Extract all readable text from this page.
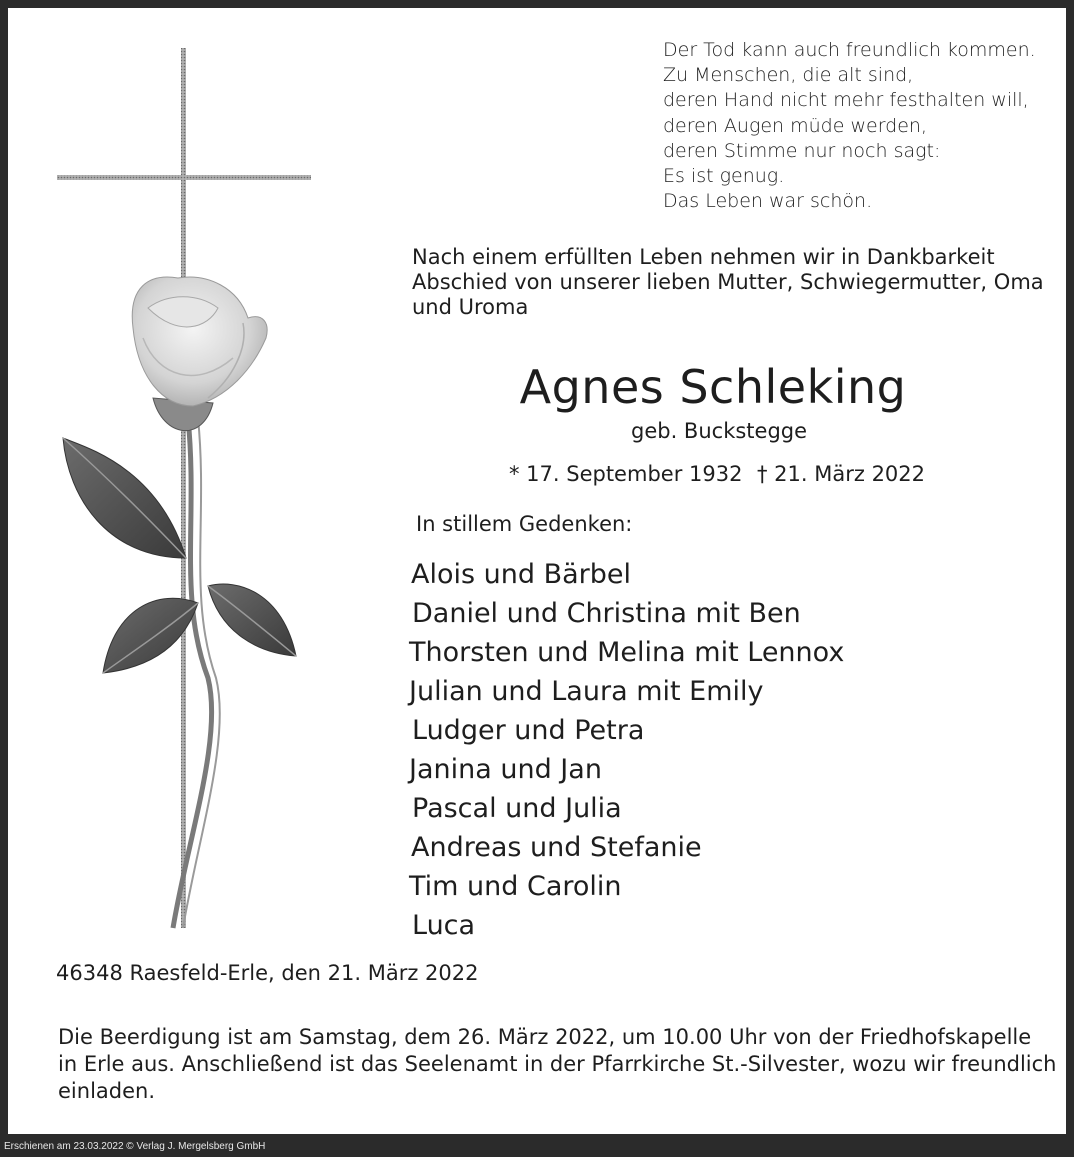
Der Tod kann auch freundlich kommen.
Zu Menschen, die alt sind,
deren Hand nicht mehr festhalten will,
deren Augen müde werden,
deren Stimme nur noch sagt:
Es ist genug.
Das Leben war schön.
Nach einem erfüllten Leben nehmen wir in Dankbarkeit
Abschied von unserer lieben Mutter, Schwiegermutter, Oma
und Uroma
Agnes Schleking
geb. Buckstegge
* 17. September 1932 † 21. März 2022
In stillem Gedenken:
Alois und Bärbel
Daniel und Christina mit Ben
Thorsten und Melina mit Lennox
Julian und Laura mit Emily
Ludger und Petra
Janina und Jan
Pascal und Julia
Andreas und Stefanie
Tim und Carolin
Luca
46348 Raesfeld-Erle, den 21. März 2022
Die Beerdigung ist am Samstag, dem 26. März 2022, um 10.00 Uhr von der Friedhofskapelle
in Erle aus. Anschließend ist das Seelenamt in der Pfarrkirche St.-Silvester, wozu wir freundlich
einladen.
Erschienen am 23.03.2022 © Verlag J. Mergelsberg GmbH
